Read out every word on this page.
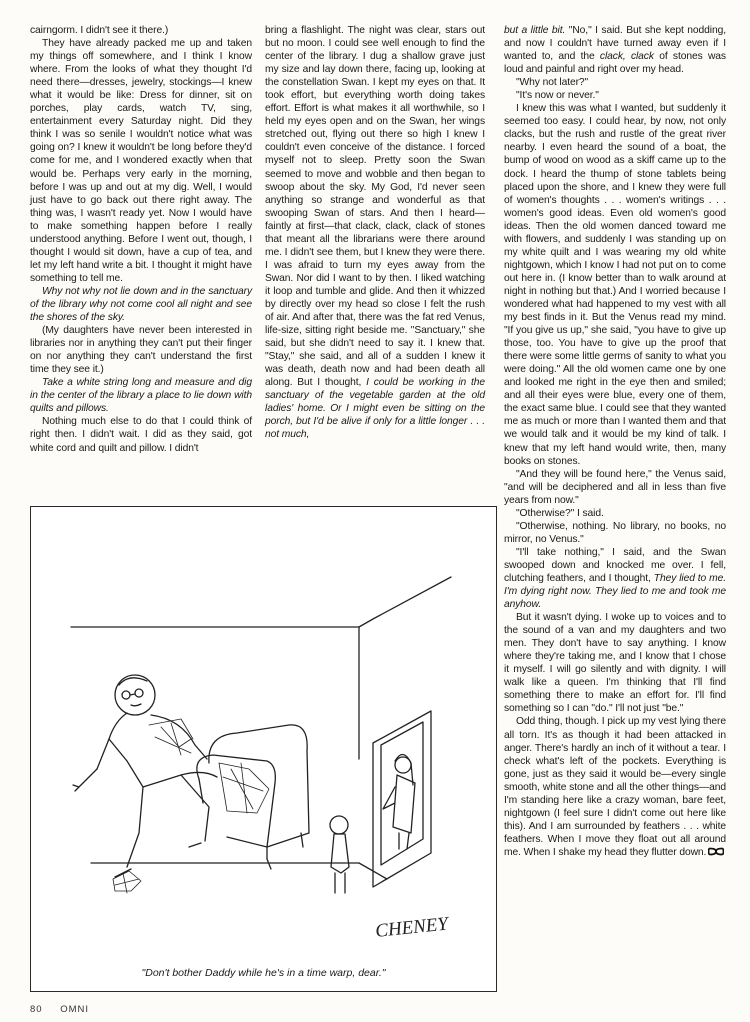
cairngorm. I didn't see it there.)

They have already packed me up and taken my things off somewhere, and I think I know where. From the looks of what they thought I'd need there—dresses, jewelry, stockings—I knew what it would be like: Dress for dinner, sit on porches, play cards, watch TV, sing, entertainment every Saturday night. Did they think I was so senile I wouldn't notice what was going on? I knew it wouldn't be long before they'd come for me, and I wondered exactly when that would be. Perhaps very early in the morning, before I was up and out at my dig. Well, I would just have to go back out there right away. The thing was, I wasn't ready yet. Now I would have to make something happen before I really understood anything. Before I went out, though, I thought I would sit down, have a cup of tea, and let my left hand write a bit. I thought it might have something to tell me.

Why not why not lie down and in the sanctuary of the library why not come cool all night and see the shores of the sky.

(My daughters have never been interested in libraries nor in anything they can't put their finger on nor anything they can't understand the first time they see it.)

Take a white string long and measure and dig in the center of the library a place to lie down with quilts and pillows.

Nothing much else to do that I could think of right then. I didn't wait. I did as they said, got white cord and quilt and pillow. I didn't

bring a flashlight. The night was clear, stars out but no moon. I could see well enough to find the center of the library. I dug a shallow grave just my size and lay down there, facing up, looking at the constellation Swan. I kept my eyes on that. It took effort, but everything worth doing takes effort. Effort is what makes it all worthwhile, so I held my eyes open and on the Swan, her wings stretched out, flying out there so high I knew I couldn't even conceive of the distance. I forced myself not to sleep. Pretty soon the Swan seemed to move and wobble and then began to swoop about the sky. My God, I'd never seen anything so strange and wonderful as that swooping Swan of stars. And then I heard—faintly at first—that clack, clack, clack of stones that meant all the librarians were there around me. I didn't see them, but I knew they were there. I was afraid to turn my eyes away from the Swan. Nor did I want to by then. I liked watching it loop and tumble and glide. And then it whizzed by directly over my head so close I felt the rush of air. And after that, there was the fat red Venus, life-size, sitting right beside me. "Sanctuary," she said, but she didn't need to say it. I knew that. "Stay," she said, and all of a sudden I knew it was death, death now and had been death all along. But I thought, I could be working in the sanctuary of the vegetable garden at the old ladies' home. Or I might even be sitting on the porch, but I'd be alive if only for a little longer . . . not much,

but a little bit. "No," I said. But she kept nodding, and now I couldn't have turned away even if I wanted to, and the clack, clack of stones was loud and painful and right over my head.

"Why not later?"

"It's now or never."

I knew this was what I wanted, but suddenly it seemed too easy. I could hear, by now, not only clacks, but the rush and rustle of the great river nearby. I even heard the sound of a boat, the bump of wood on wood as a skiff came up to the dock. I heard the thump of stone tablets being placed upon the shore, and I knew they were full of women's thoughts . . . women's writings . . . women's good ideas. Even old women's good ideas. Then the old women danced toward me with flowers, and suddenly I was standing up on my white quilt and I was wearing my old white nightgown, which I know I had not put on to come out here in. (I know better than to walk around at night in nothing but that.) And I worried because I wondered what had happened to my vest with all my best finds in it. But the Venus read my mind. "If you give us up," she said, "you have to give up those, too. You have to give up the proof that there were some little germs of sanity to what you were doing." All the old women came one by one and looked me right in the eye then and smiled; and all their eyes were blue, every one of them, the exact same blue. I could see that they wanted me as much or more than I wanted them and that we would talk and it would be my kind of talk. I knew that my left hand would write, then, many books on stones.

"And they will be found here," the Venus said, "and will be deciphered and all in less than five years from now."

"Otherwise?" I said.

"Otherwise, nothing. No library, no books, no mirror, no Venus."

"I'll take nothing," I said, and the Swan swooped down and knocked me over. I fell, clutching feathers, and I thought, They lied to me. I'm dying right now. They lied to me and took me anyhow.

But it wasn't dying. I woke up to voices and to the sound of a van and my daughters and two men. They don't have to say anything. I know where they're taking me, and I know that I chose it myself. I will go silently and with dignity. I will walk like a queen. I'm thinking that I'll find something there to make an effort for. I'll find something so I can "do." I'll not just "be."

Odd thing, though. I pick up my vest lying there all torn. It's as though it had been attacked in anger. There's hardly an inch of it without a tear. I check what's left of the pockets. Everything is gone, just as they said it would be—every single smooth, white stone and all the other things—and I'm standing here like a crazy woman, bare feet, nightgown (I feel sure I didn't come out here like this). And I am surrounded by feathers . . . white feathers. When I move they float out all around me. When I shake my head they flutter down.

CHENEY
"Don't bother Daddy while he's in a time warp, dear."
80 OMNI
